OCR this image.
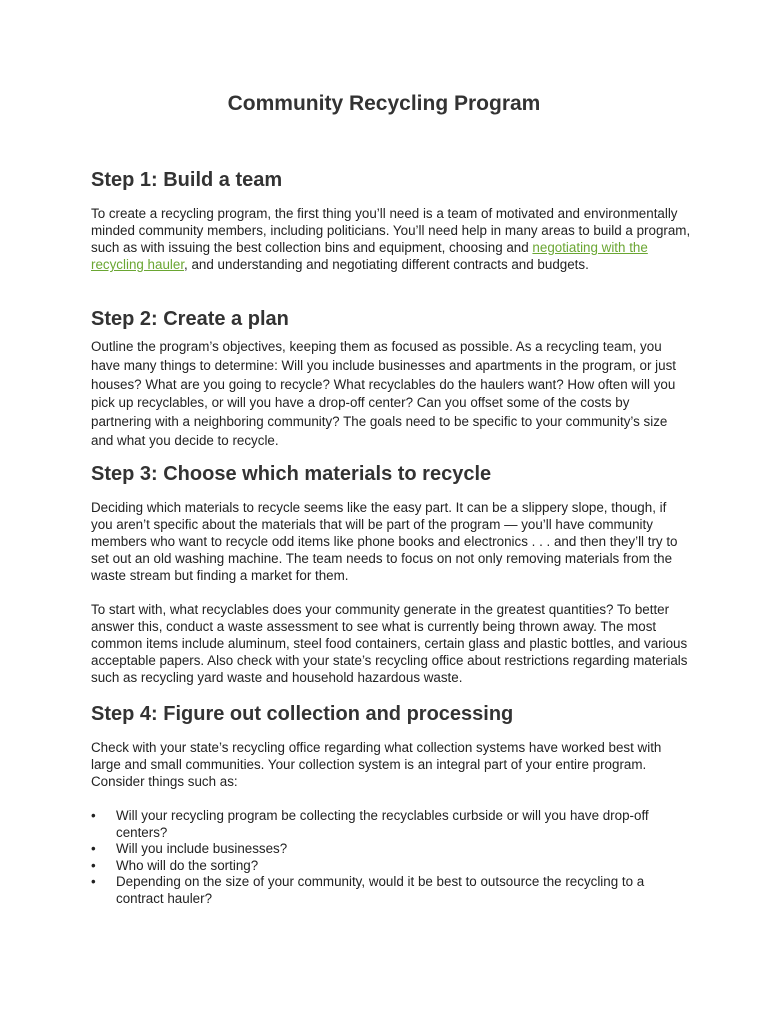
Community Recycling Program
Step 1: Build a team

To create a recycling program, the first thing you’ll need is a team of motivated and environmentally minded community members, including politicians. You’ll need help in many areas to build a program, such as with issuing the best collection bins and equipment, choosing and negotiating with the recycling hauler, and understanding and negotiating different contracts and budgets.

Step 2: Create a plan

Outline the program’s objectives, keeping them as focused as possible. As a recycling team, you have many things to determine: Will you include businesses and apartments in the program, or just houses? What are you going to recycle? What recyclables do the haulers want? How often will you pick up recyclables, or will you have a drop-off center? Can you offset some of the costs by partnering with a neighboring community? The goals need to be specific to your community’s size and what you decide to recycle.

Step 3: Choose which materials to recycle

Deciding which materials to recycle seems like the easy part. It can be a slippery slope, though, if you aren’t specific about the materials that will be part of the program — you’ll have community members who want to recycle odd items like phone books and electronics . . . and then they’ll try to set out an old washing machine. The team needs to focus on not only removing materials from the waste stream but finding a market for them.

To start with, what recyclables does your community generate in the greatest quantities? To better answer this, conduct a waste assessment to see what is currently being thrown away. The most common items include aluminum, steel food containers, certain glass and plastic bottles, and various acceptable papers. Also check with your state’s recycling office about restrictions regarding materials such as recycling yard waste and household hazardous waste.

Step 4: Figure out collection and processing

Check with your state’s recycling office regarding what collection systems have worked best with large and small communities. Your collection system is an integral part of your entire program. Consider things such as:

• Will your recycling program be collecting the recyclables curbside or will you have drop-off centers?
• Will you include businesses?
• Who will do the sorting?
• Depending on the size of your community, would it be best to outsource the recycling to a contract hauler?
